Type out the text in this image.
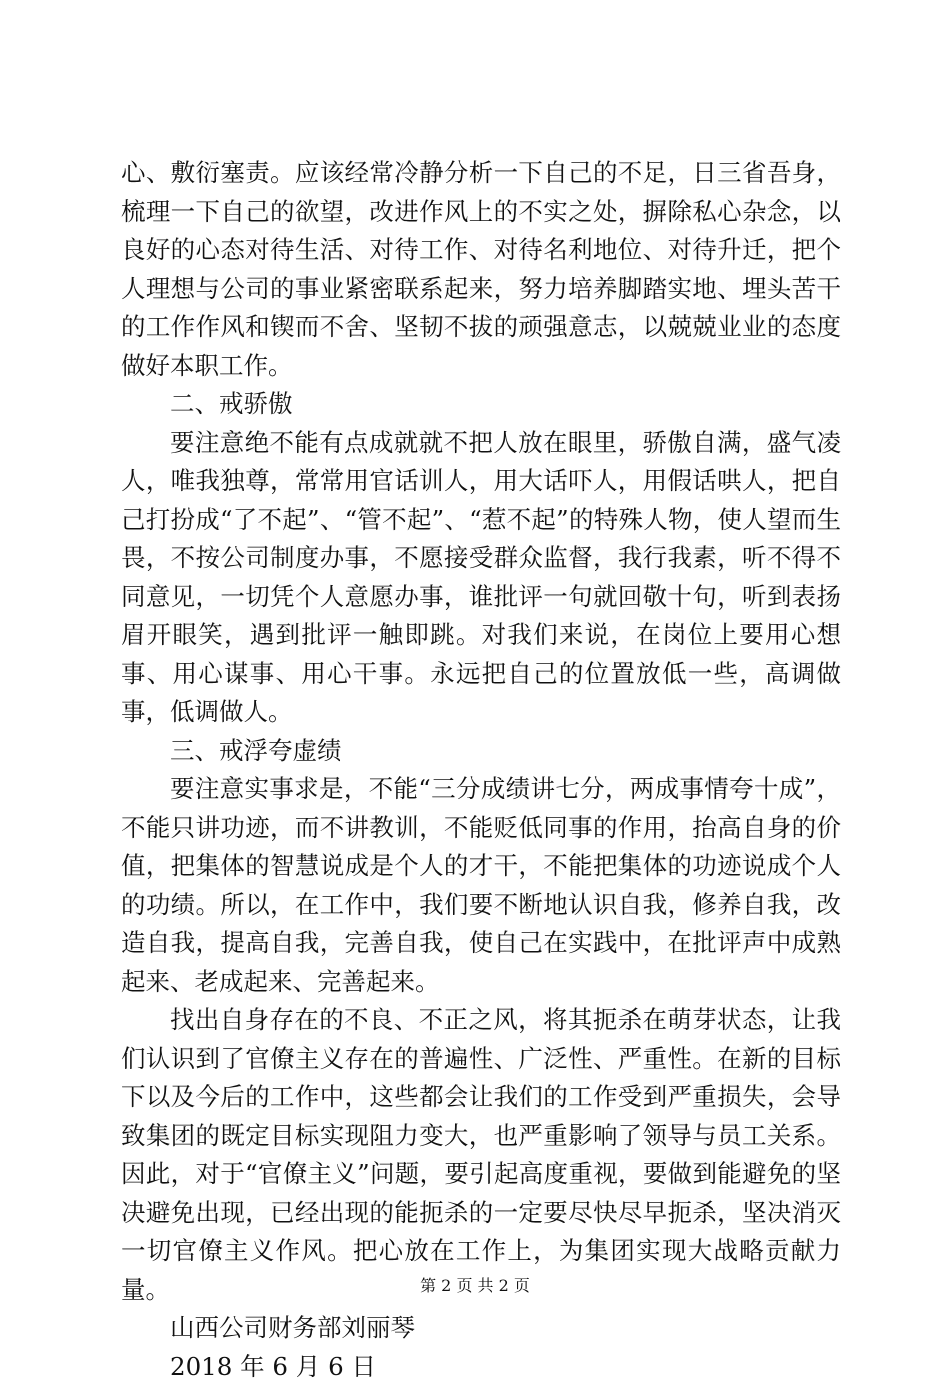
心、敷衍塞责。应该经常冷静分析一下自己的不足，日三省吾身，梳理一下自己的欲望，改进作风上的不实之处，摒除私心杂念，以良好的心态对待生活、对待工作、对待名利地位、对待升迁，把个人理想与公司的事业紧密联系起来，努力培养脚踏实地、埋头苦干的工作作风和锲而不舍、坚韧不拔的顽强意志，以兢兢业业的态度做好本职工作。

二、戒骄傲

要注意绝不能有点成就就不把人放在眼里，骄傲自满，盛气凌人，唯我独尊，常常用官话训人，用大话吓人，用假话哄人，把自己打扮成“了不起”、“管不起”、“惹不起”的特殊人物，使人望而生畏，不按公司制度办事，不愿接受群众监督，我行我素，听不得不同意见，一切凭个人意愿办事，谁批评一句就回敬十句，听到表扬眉开眼笑，遇到批评一触即跳。对我们来说，在岗位上要用心想事、用心谋事、用心干事。永远把自己的位置放低一些，高调做事，低调做人。

三、戒浮夸虚绩

要注意实事求是，不能“三分成绩讲七分，两成事情夸十成”，不能只讲功迹，而不讲教训，不能贬低同事的作用，抬高自身的价值，把集体的智慧说成是个人的才干，不能把集体的功迹说成个人的功绩。所以，在工作中，我们要不断地认识自我，修养自我，改造自我，提高自我，完善自我，使自己在实践中，在批评声中成熟起来、老成起来、完善起来。

找出自身存在的不良、不正之风，将其扼杀在萌芽状态，让我们认识到了官僚主义存在的普遍性、广泛性、严重性。在新的目标下以及今后的工作中，这些都会让我们的工作受到严重损失，会导致集团的既定目标实现阻力变大，也严重影响了领导与员工关系。因此，对于“官僚主义”问题，要引起高度重视，要做到能避免的坚决避免出现，已经出现的能扼杀的一定要尽快尽早扼杀，坚决消灭一切官僚主义作风。把心放在工作上，为集团实现大战略贡献力量。

山西公司财务部刘丽琴

2018 年 6 月 6 日

第 2 页 共 2 页
